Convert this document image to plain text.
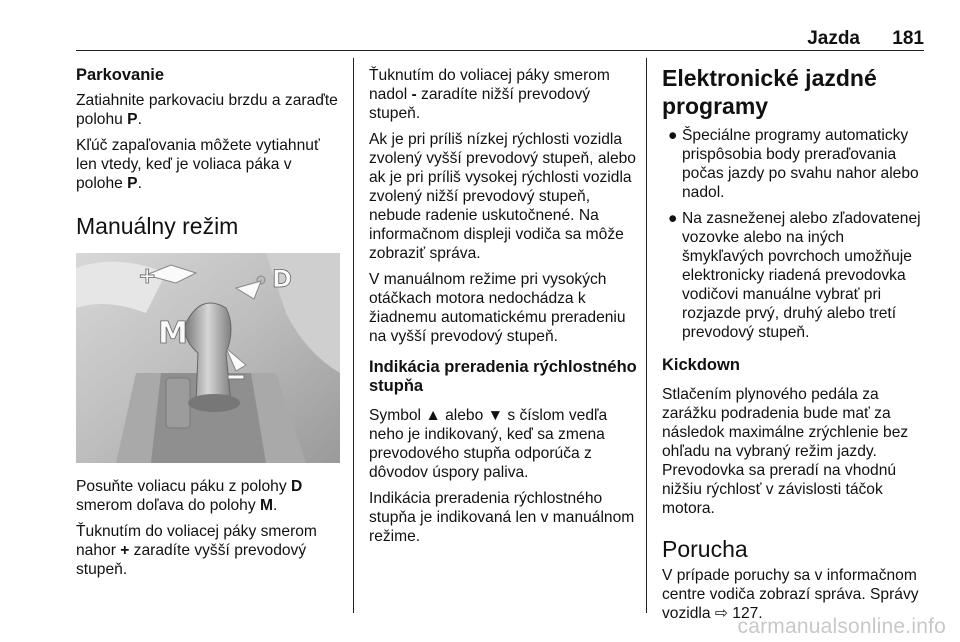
Jazda 181
Parkovanie

Zatiahnite parkovaciu brzdu a zaraďte polohu P.

Kľúč zapaľovania môžete vytiahnuť len vtedy, keď je voliaca páka v polohe P.

Manuálny režim
+	D
M

Posuňte voliacu páku z polohy D smerom doľava do polohy M.

Ťuknutím do voliacej páky smerom nahor + zaradíte vyšší prevodový stupeň.

Ťuknutím do voliacej páky smerom nadol - zaradíte nižší prevodový stupeň.

Ak je pri príliš nízkej rýchlosti vozidla zvolený vyšší prevodový stupeň, alebo ak je pri príliš vysokej rýchlosti vozidla zvolený nižší prevodový stupeň, nebude radenie uskutočnené. Na informačnom displeji vodiča sa môže zobraziť správa.

V manuálnom režime pri vysokých otáčkach motora nedochádza k žiadnemu automatickému preradeniu na vyšší prevodový stupeň.

Indikácia preradenia rýchlostného stupňa

Symbol ▲ alebo ▼ s číslom vedľa neho je indikovaný, keď sa zmena prevodového stupňa odporúča z dôvodov úspory paliva.

Indikácia preradenia rýchlostného stupňa je indikovaná len v manuálnom režime.

Elektronické jazdné programy
● Špeciálne programy automaticky prispôsobia body preraďovania počas jazdy po svahu nahor alebo nadol.
● Na zasneženej alebo zľadovatenej vozovke alebo na iných šmykľavých povrchoch umožňuje elektronicky riadená prevodovka vodičovi manuálne vybrať pri rozjazde prvý, druhý alebo tretí prevodový stupeň.
Kickdown

Stlačením plynového pedála za zarážku podradenia bude mať za následok maximálne zrýchlenie bez ohľadu na vybraný režim jazdy. Prevodovka sa preradí na vhodnú nižšiu rýchlosť v závislosti táčok motora.

Porucha

V prípade poruchy sa v informačnom centre vodiča zobrazí správa. Správy vozidla ⇨ 127.

carmanualsonline.info
